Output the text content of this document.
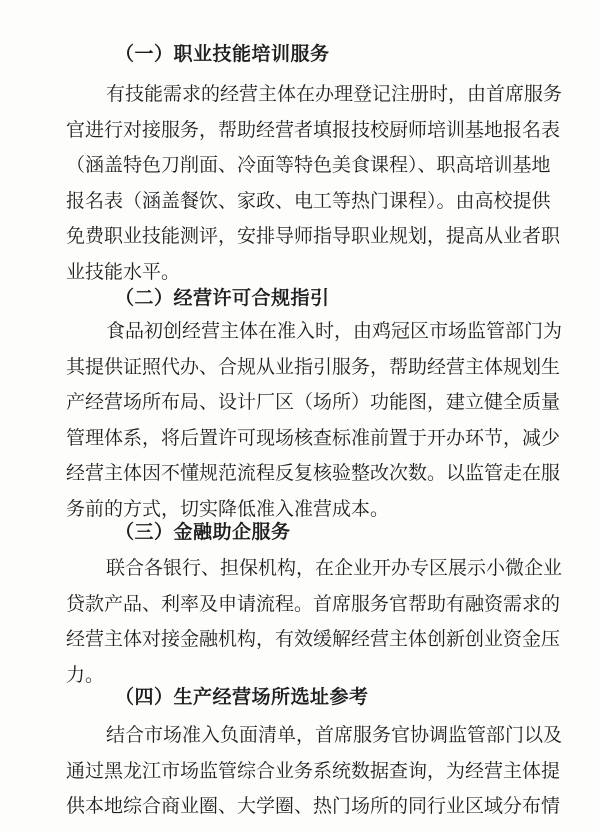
（一）职业技能培训服务
有技能需求的经营主体在办理登记注册时，由首席服务
官进行对接服务，帮助经营者填报技校厨师培训基地报名表
（涵盖特色刀削面、冷面等特色美食课程）、职高培训基地
报名表（涵盖餐饮、家政、电工等热门课程）。由高校提供
免费职业技能测评，安排导师指导职业规划，提高从业者职
业技能水平。
（二）经营许可合规指引
食品初创经营主体在准入时，由鸡冠区市场监管部门为
其提供证照代办、合规从业指引服务，帮助经营主体规划生
产经营场所布局、设计厂区（场所）功能图，建立健全质量
管理体系，将后置许可现场核查标准前置于开办环节，减少
经营主体因不懂规范流程反复核验整改次数。以监管走在服
务前的方式，切实降低准入准营成本。
（三）金融助企服务
联合各银行、担保机构，在企业开办专区展示小微企业
贷款产品、利率及申请流程。首席服务官帮助有融资需求的
经营主体对接金融机构，有效缓解经营主体创新创业资金压
力。
（四）生产经营场所选址参考
结合市场准入负面清单，首席服务官协调监管部门以及
通过黑龙江市场监管综合业务系统数据查询，为经营主体提
供本地综合商业圈、大学圈、热门场所的同行业区域分布情
